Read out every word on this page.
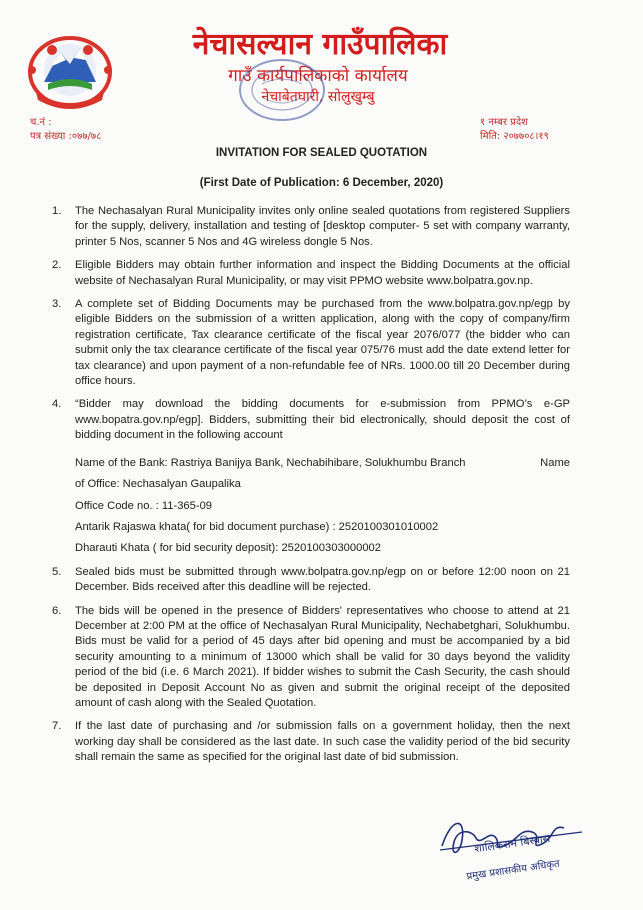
नेचासल्यान गाउँपालिका
गाउँ कार्यपालिकाको कार्यालय
नेचाबेतघारी, सोलुखुम्बु
च.नं :
पत्र संख्या :०७७/७८
१ नम्बर प्रदेश
मिति: २०७७०८।१९
INVITATION FOR SEALED QUOTATION
(First Date of Publication: 6 December, 2020)
1. The Nechasalyan Rural Municipality invites only online sealed quotations from registered Suppliers for the supply, delivery, installation and testing of [desktop computer- 5 set with company warranty, printer 5 Nos, scanner 5 Nos and 4G wireless dongle 5 Nos.

2. Eligible Bidders may obtain further information and inspect the Bidding Documents at the official website of Nechasalyan Rural Municipality, or may visit PPMO website www.bolpatra.gov.np.

3. A complete set of Bidding Documents may be purchased from the www.bolpatra.gov.np/egp by eligible Bidders on the submission of a written application, along with the copy of company/firm registration certificate, Tax clearance certificate of the fiscal year 2076/077 (the bidder who can submit only the tax clearance certificate of the fiscal year 075/76 must add the date extend letter for tax clearance) and upon payment of a non-refundable fee of NRs. 1000.00 till 20 December during office hours.

4. “Bidder may download the bidding documents for e-submission from PPMO’s e-GP www.bopatra.gov.np/egp]. Bidders, submitting their bid electronically, should deposit the cost of bidding document in the following account

Name of the Bank: Rastriya Banijya Bank, Nechabihibare, Solukhumbu Branch	Name

of Office: Nechasalyan Gaupalika

Office Code no. : 11-365-09

Antarik Rajaswa khata( for bid document purchase) : 2520100301010002

Dharauti Khata ( for bid security deposit): 2520100303000002

5. Sealed bids must be submitted through www.bolpatra.gov.np/egp on or before 12:00 noon on 21 December. Bids received after this deadline will be rejected.

6. The bids will be opened in the presence of Bidders' representatives who choose to attend at 21 December at 2:00 PM at the office of Nechasalyan Rural Municipality, Nechabetghari, Solukhumbu. Bids must be valid for a period of 45 days after bid opening and must be accompanied by a bid security amounting to a minimum of 13000 which shall be valid for 30 days beyond the validity period of the bid (i.e. 6 March 2021). If bidder wishes to submit the Cash Security, the cash should be deposited in Deposit Account No as given and submit the original receipt of the deposited amount of cash along with the Sealed Quotation.

7. If the last date of purchasing and /or submission falls on a government holiday, then the next working day shall be considered as the last date. In such case the validity period of the bid security shall remain the same as specified for the original last date of bid submission.

शालिकराम बिस्वास
प्रमुख प्रशासकीय अधिकृत
